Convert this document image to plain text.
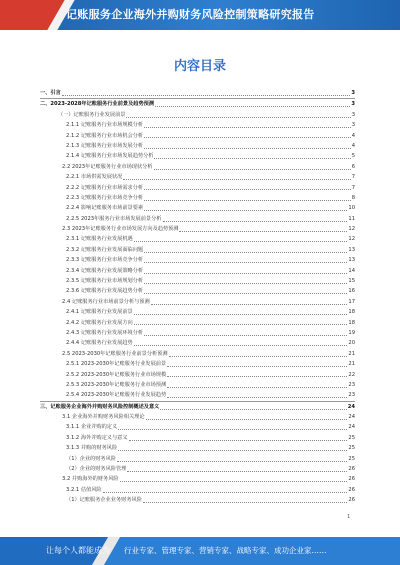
记账服务企业海外并购财务风险控制策略研究报告
内容目录
一、引言	3
二、2023-2028年记账服务行业前景及趋势预测	3
（一）记账服务行业发展前景	3
2.1.1 记账服务行业市场规模分析	3
2.1.2 记账服务行业市场机会分析	4
2.1.3 记账服务行业市场发展分析	4
2.1.4 记账服务行业市场发展趋势分析	5
2.2 2023年记账服务行业市场现状分析	6
2.2.1 市场供需发展状况	7
2.2.2 记账服务行业市场需求分析	7
2.2.3 记账服务行业市场竞争分析	8
2.2.4 影响记账服务市场前景要素	10
2.2.5 2023年服务行业市场发展前景分析	11
2.3 2023年记账服务行业市场发展方向及趋势预测	12
2.3.1 记账服务行业发展机遇	12
2.3.2 记账服务行业发展面临问题	13
2.3.3 记账服务行业市场竞争分析	13
2.3.4 记账服务行业发展策略分析	14
2.3.5 记账服务行业市场规划分析	15
2.3.6 记账服务行业发展趋势分析	16
2.4 记账服务行业市场前景分析与预测	17
2.4.1 记账服务行业发展前景	18
2.4.2 记账服务行业发展方向	18
2.4.3 记账服务行业发展环境分析	19
2.4.4 记账服务行业发展趋势	20
2.5 2023-2030年记账服务行业前景分析预测	21
2.5.1 2023-2030年记账服务行业发展前景	21
2.5.2 2023-2030年记账服务行业市场规模	22
2.5.3 2023-2030年记账服务行业市场预测	23
2.5.4 2023-2030年记账服务行业发展趋势	23
三、记账服务企业海外并购财务风险控制概述及意义	24
3.1 企业海外并购财务风险相关理论	24
3.1.1 企业并购的定义	24
3.1.2 海外并购定义与意义	25
3.1.3 并购的财务风险	25
（1）企业的财务风险	25
（2）企业的财务风险管理	26
3.2 并购海外的财务风险	26
3.2.1 估值风险	26
（1）记账服务企业业务财务风险	26
1
让每个人都能成为 行业专家、管理专家、营销专家、战略专家、成功企业家……
